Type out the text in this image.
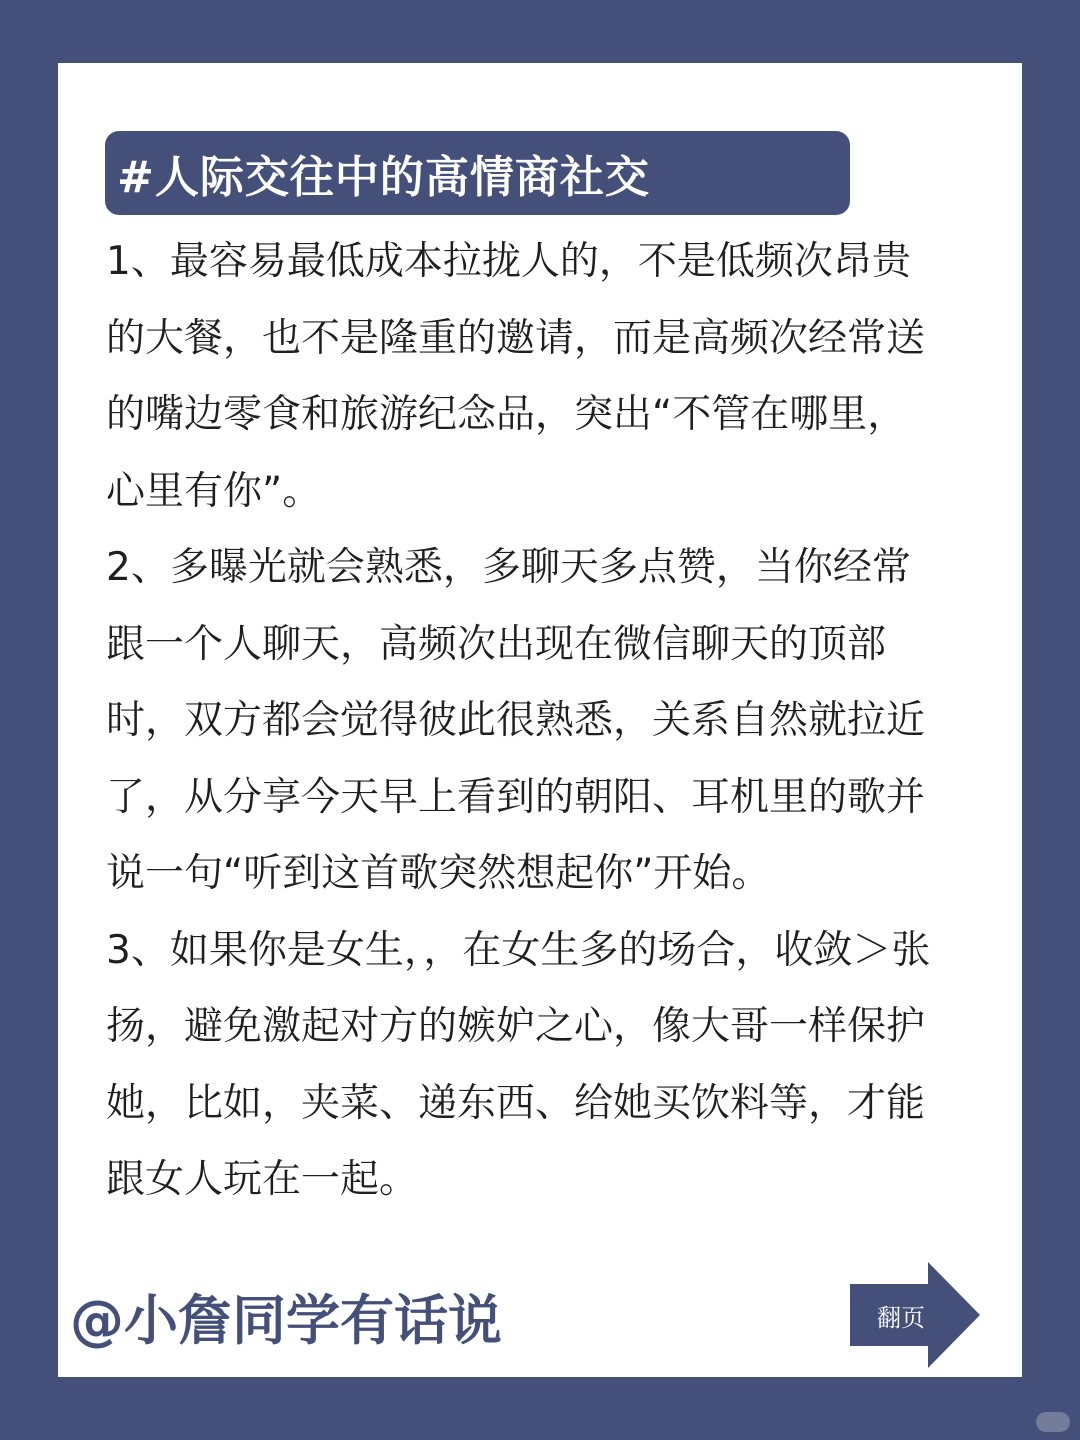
#人际交往中的高情商社交

1、最容易最低成本拉拢人的，不是低频次昂贵的大餐，也不是隆重的邀请，而是高频次经常送的嘴边零食和旅游纪念品，突出“不管在哪里，心里有你”。

2、多曝光就会熟悉，多聊天多点赞，当你经常跟一个人聊天，高频次出现在微信聊天的顶部时，双方都会觉得彼此很熟悉，关系自然就拉近了，从分享今天早上看到的朝阳、耳机里的歌并说一句“听到这首歌突然想起你”开始。

3、如果你是女生，，在女生多的场合，收敛＞张扬，避免激起对方的嫉妒之心，像大哥一样保护她，比如，夹菜、递东西、给她买饮料等，才能跟女人玩在一起。

@小詹同学有话说	翻页
